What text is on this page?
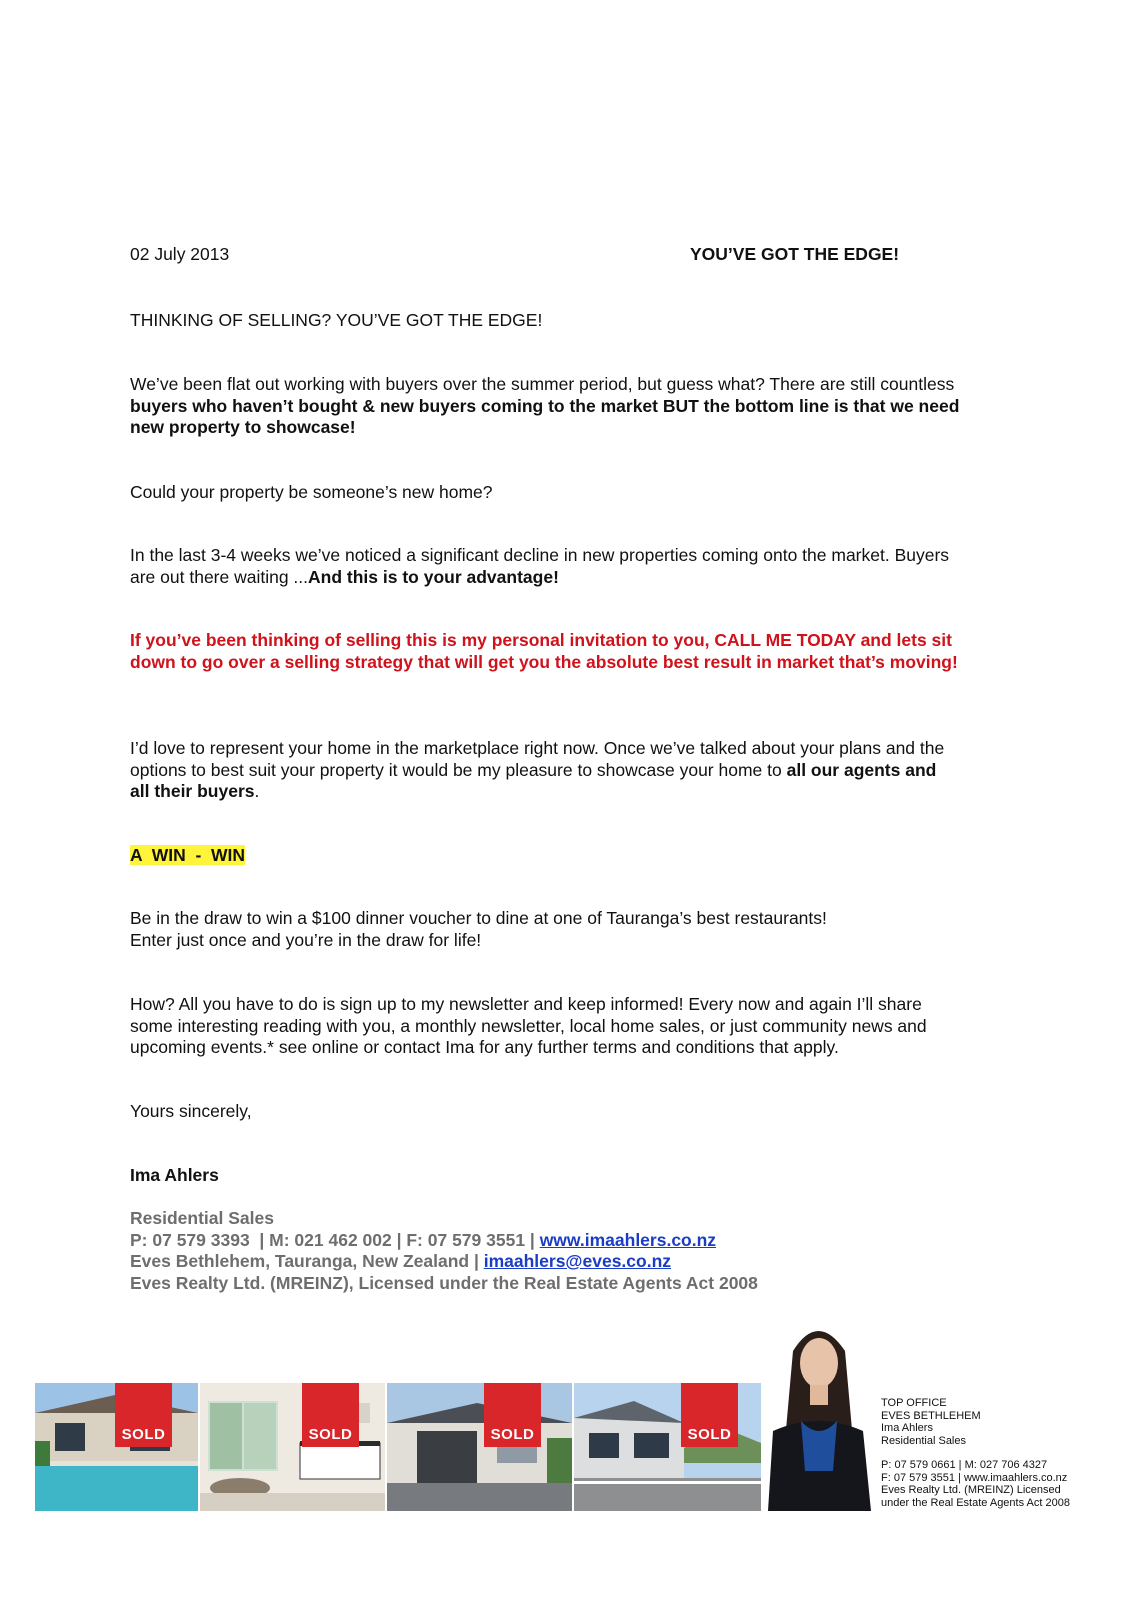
02 July 2013	YOU’VE GOT THE EDGE!
THINKING OF SELLING? YOU’VE GOT THE EDGE!
We’ve been flat out working with buyers over the summer period, but guess what? There are still countless buyers who haven’t bought & new buyers coming to the market BUT the bottom line is that we need new property to showcase!
Could your property be someone’s new home?
In the last 3-4 weeks we’ve noticed a significant decline in new properties coming onto the market. Buyers are out there waiting ...And this is to your advantage!
If you’ve been thinking of selling this is my personal invitation to you, CALL ME TODAY and lets sit down to go over a selling strategy that will get you the absolute best result in market that’s moving!
I’d love to represent your home in the marketplace right now. Once we’ve talked about your plans and the options to best suit your property it would be my pleasure to showcase your home to all our agents and all their buyers.
A  WIN  -  WIN
Be in the draw to win a $100 dinner voucher to dine at one of Tauranga’s best restaurants!
Enter just once and you’re in the draw for life!
How? All you have to do is sign up to my newsletter and keep informed! Every now and again I’ll share some interesting reading with you, a monthly newsletter, local home sales, or just community news and upcoming events.* see online or contact Ima for any further terms and conditions that apply.
Yours sincerely,
Ima Ahlers
Residential Sales
P: 07 579 3393  | M: 021 462 002 | F: 07 579 3551 | www.imaahlers.co.nz
Eves Bethlehem, Tauranga, New Zealand | imaahlers@eves.co.nz
Eves Realty Ltd. (MREINZ), Licensed under the Real Estate Agents Act 2008
SOLD	SOLD	SOLD	SOLD
TOP OFFICE
EVES BETHLEHEM
Ima Ahlers
Residential Sales
P: 07 579 0661 | M: 027 706 4327
F: 07 579 3551 | www.imaahlers.co.nz
Eves Realty Ltd. (MREINZ) Licensed
under the Real Estate Agents Act 2008
